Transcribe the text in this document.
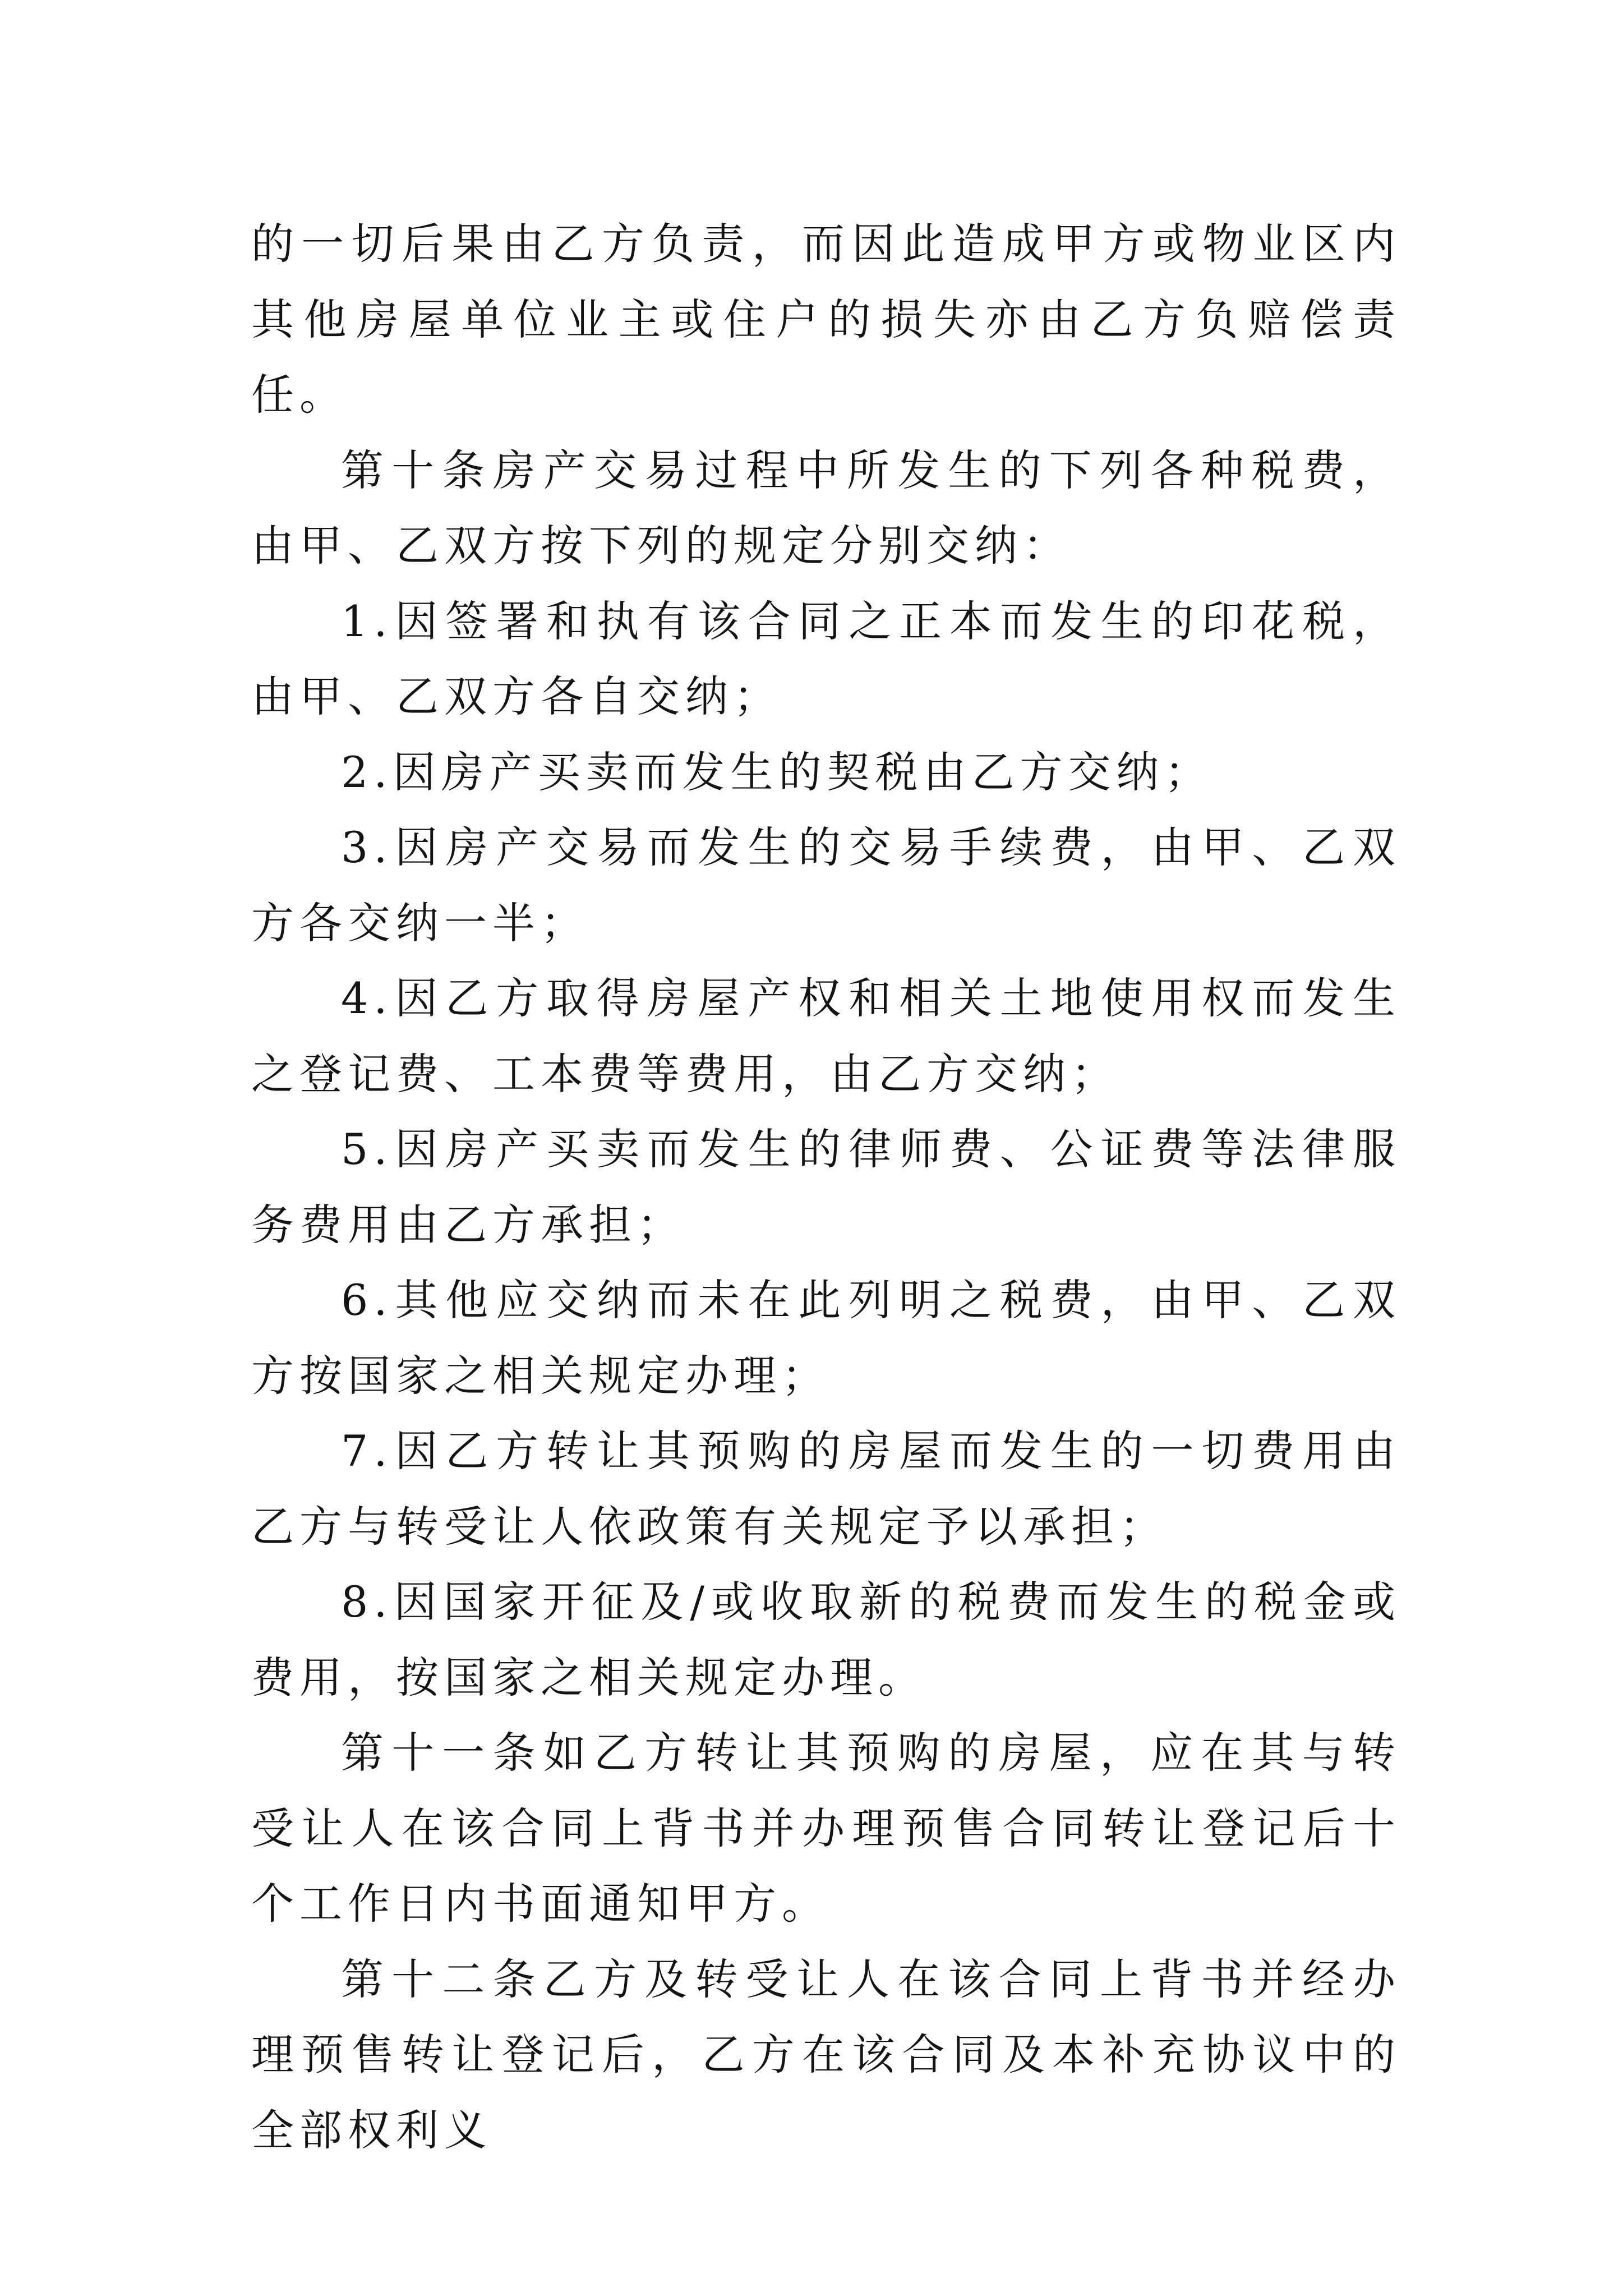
的一切后果由乙方负责，而因此造成甲方或物业区内其他房屋单位业主或住户的损失亦由乙方负赔偿责任。

第十条房产交易过程中所发生的下列各种税费，由甲、乙双方按下列的规定分别交纳：

1.因签署和执有该合同之正本而发生的印花税，由甲、乙双方各自交纳；

2.因房产买卖而发生的契税由乙方交纳；

3.因房产交易而发生的交易手续费，由甲、乙双方各交纳一半；

4.因乙方取得房屋产权和相关土地使用权而发生之登记费、工本费等费用，由乙方交纳；

5.因房产买卖而发生的律师费、公证费等法律服务费用由乙方承担；

6.其他应交纳而未在此列明之税费，由甲、乙双方按国家之相关规定办理；

7.因乙方转让其预购的房屋而发生的一切费用由乙方与转受让人依政策有关规定予以承担；

8.因国家开征及/或收取新的税费而发生的税金或费用，按国家之相关规定办理。

第十一条如乙方转让其预购的房屋，应在其与转受让人在该合同上背书并办理预售合同转让登记后十个工作日内书面通知甲方。

第十二条乙方及转受让人在该合同上背书并经办理预售转让登记后，乙方在该合同及本补充协议中的全部权利义
